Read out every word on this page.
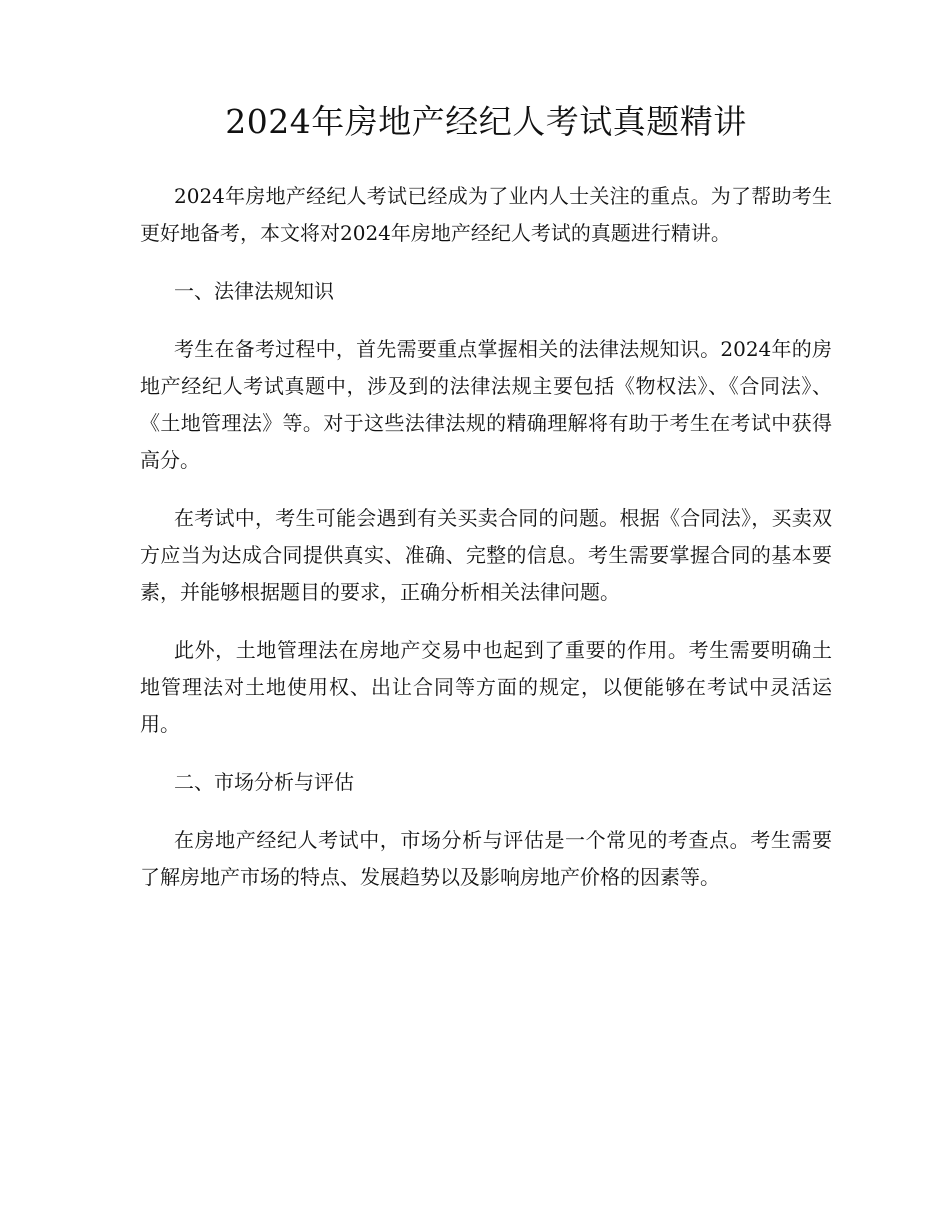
2024年房地产经纪人考试真题精讲

2024年房地产经纪人考试已经成为了业内人士关注的重点。为了帮助考生更好地备考，本文将对2024年房地产经纪人考试的真题进行精讲。

一、法律法规知识

考生在备考过程中，首先需要重点掌握相关的法律法规知识。2024年的房地产经纪人考试真题中，涉及到的法律法规主要包括《物权法》、《合同法》、《土地管理法》等。对于这些法律法规的精确理解将有助于考生在考试中获得高分。

在考试中，考生可能会遇到有关买卖合同的问题。根据《合同法》，买卖双方应当为达成合同提供真实、准确、完整的信息。考生需要掌握合同的基本要素，并能够根据题目的要求，正确分析相关法律问题。

此外，土地管理法在房地产交易中也起到了重要的作用。考生需要明确土地管理法对土地使用权、出让合同等方面的规定，以便能够在考试中灵活运用。

二、市场分析与评估

在房地产经纪人考试中，市场分析与评估是一个常见的考查点。考生需要了解房地产市场的特点、发展趋势以及影响房地产价格的因素等。
